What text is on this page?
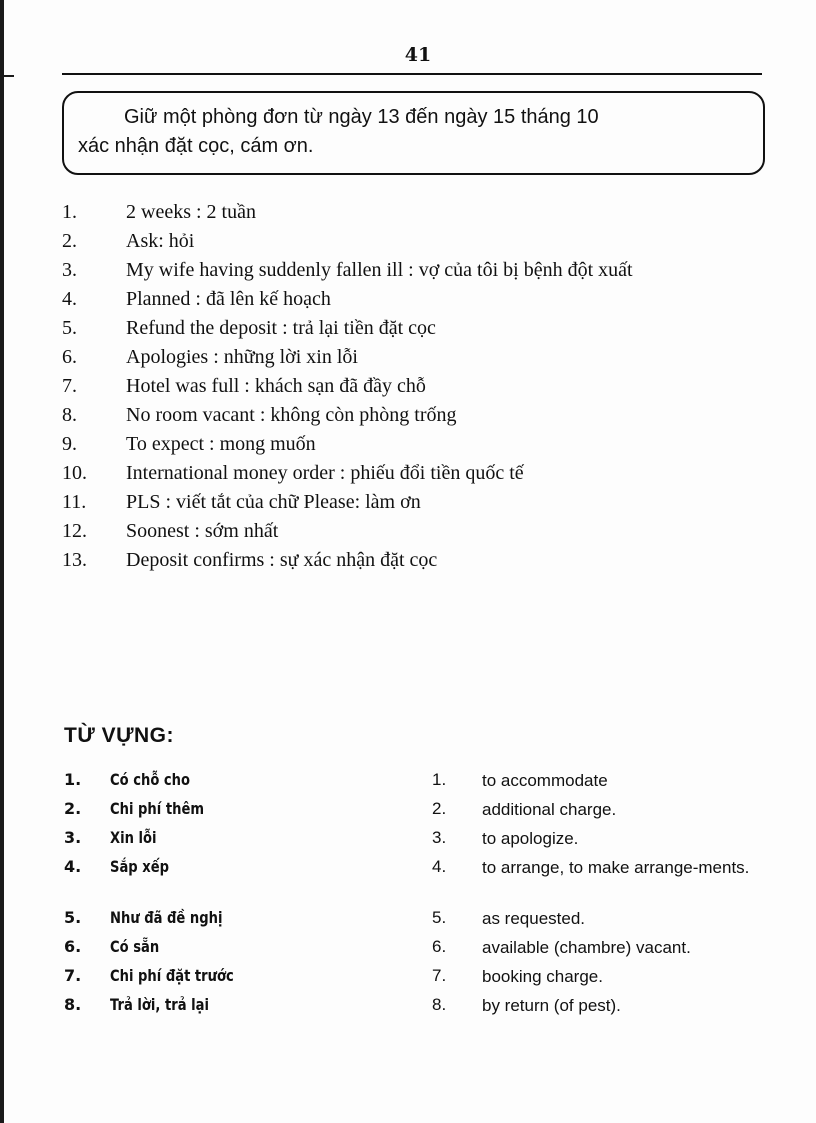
41
Giữ một phòng đơn từ ngày 13 đến ngày 15 tháng 10
xác nhận đặt cọc, cám ơn.
1.	2 weeks : 2 tuần
2.	Ask: hỏi
3.	My wife having suddenly fallen ill : vợ của tôi bị bệnh đột xuất
4.	Planned : đã lên kế hoạch
5.	Refund the deposit : trả lại tiền đặt cọc
6.	Apologies : những lời xin lỗi
7.	Hotel was full : khách sạn đã đầy chỗ
8.	No room vacant : không còn phòng trống
9.	To expect : mong muốn
10.	International money order : phiếu đổi tiền quốc tế
11.	PLS : viết tắt của chữ Please: làm ơn
12.	Soonest : sớm nhất
13.	Deposit confirms : sự xác nhận đặt cọc
TỪ VỰNG:
1.	Có chỗ cho	1.	to accommodate
2.	Chi phí thêm	2.	additional charge.
3.	Xin lỗi	3.	to apologize.
4.	Sắp xếp	4.	to arrange, to make arrange-ments.
5.	Như đã đề nghị	5.	as requested.
6.	Có sẵn	6.	available (chambre) vacant.
7.	Chi phí đặt trước	7.	booking charge.
8.	Trả lời, trả lại	8.	by return (of pest).
